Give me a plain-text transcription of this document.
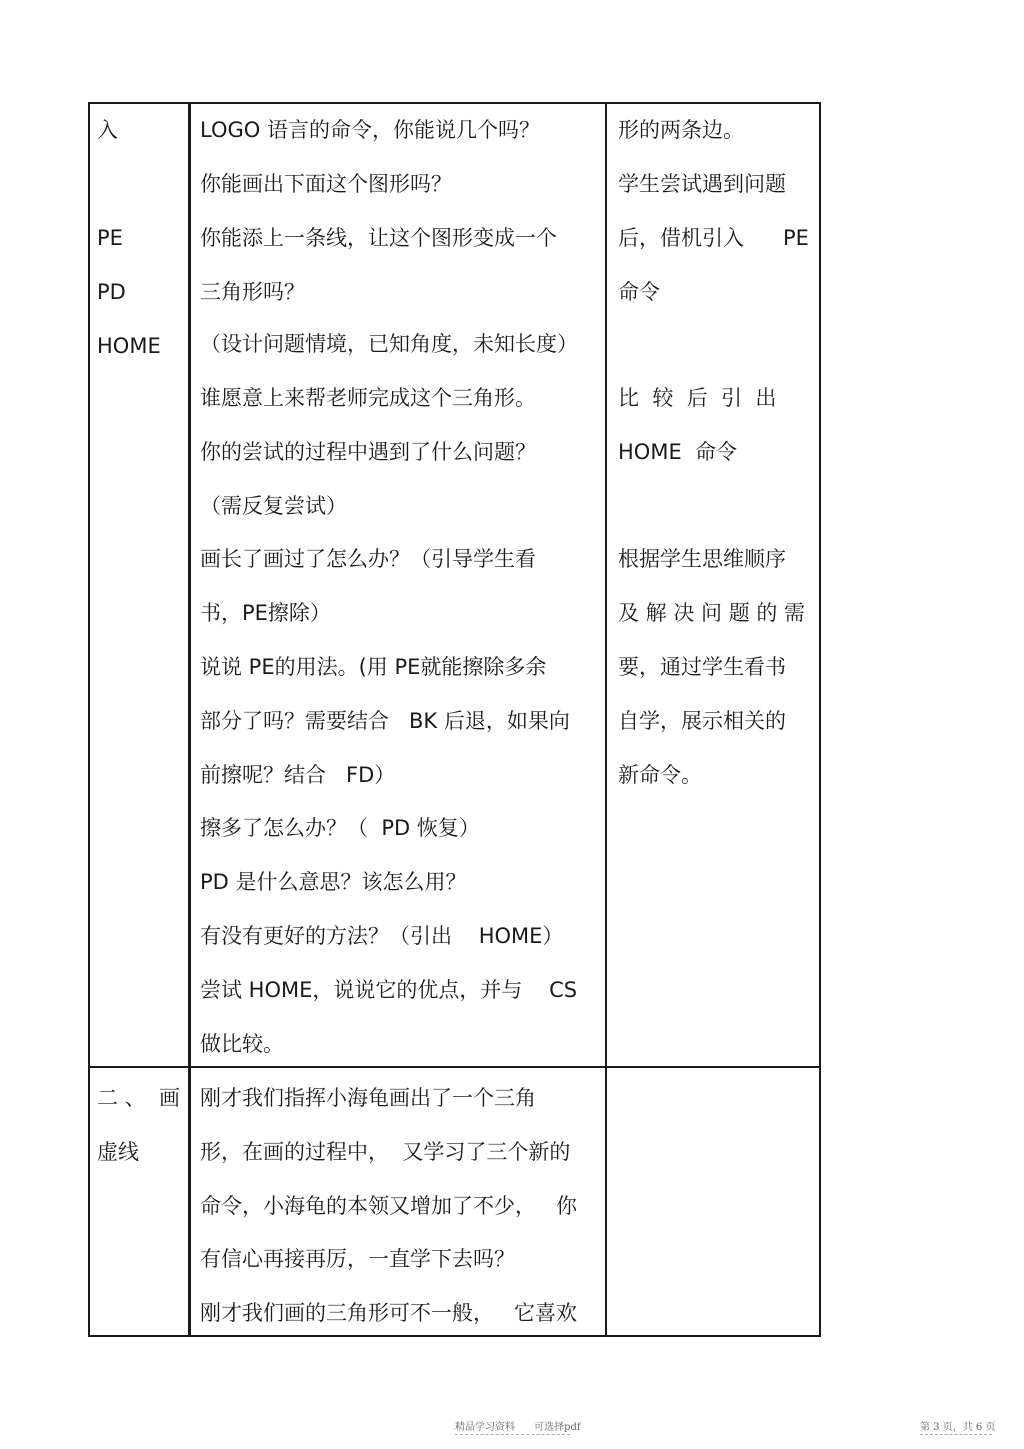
入
PE
PD
HOME
LOGO 语言的命令，你能说几个吗？
你能画出下面这个图形吗？
你能添上一条线，让这个图形变成一个
三角形吗？
（设计问题情境，已知角度，未知长度）
谁愿意上来帮老师完成这个三角形。
你的尝试的过程中遇到了什么问题？
（需反复尝试）
画长了画过了怎么办？（引导学生看
书，PE擦除）
说说 PE的用法。(用 PE就能擦除多余
部分了吗？需要结合   BK 后退，如果向
前擦呢？结合   FD）
擦多了怎么办？（  PD 恢复）
PD 是什么意思？该怎么用？
有没有更好的方法？（引出    HOME）
尝试 HOME，说说它的优点，并与    CS
做比较。
形的两条边。
学生尝试遇到问题
后，借机引入 PE
命令
比  较  后  引  出
HOME  命令
根据学生思维顺序
及 解 决 问 题 的 需
要，通过学生看书
自学，展示相关的
新命令。
二 、  画
虚线
刚才我们指挥小海龟画出了一个三角
形，在画的过程中，  又学习了三个新的
命令，小海龟的本领又增加了不少，   你
有信心再接再厉，一直学下去吗？
刚才我们画的三角形可不一般，   它喜欢
精品学习资料      可选择pdf	第 3 页，共 6 页
